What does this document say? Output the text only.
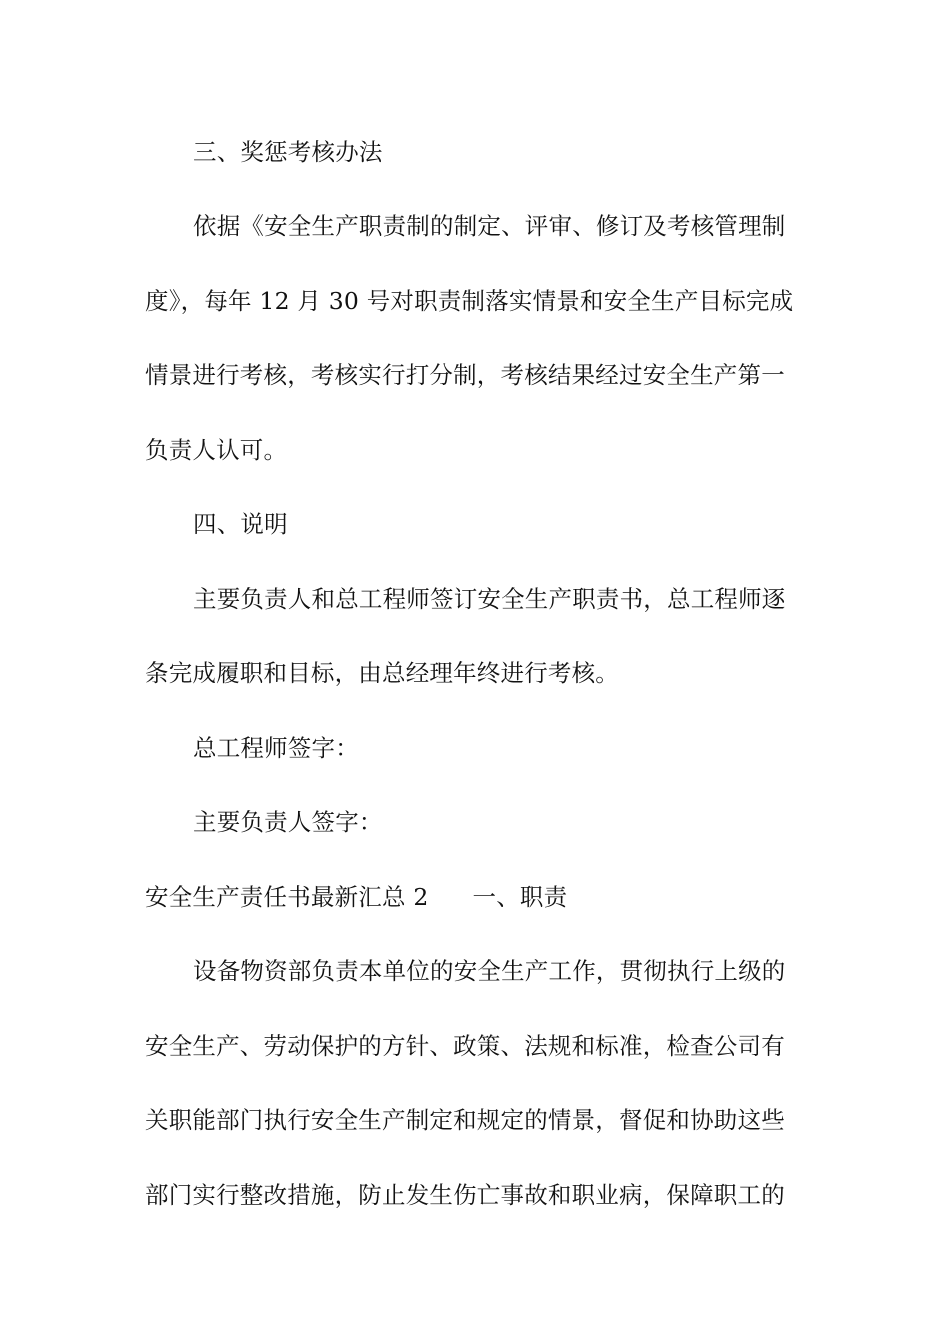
三、奖惩考核办法
依据《安全生产职责制的制定、评审、修订及考核管理制
度》，每年 12 月 30 号对职责制落实情景和安全生产目标完成
情景进行考核，考核实行打分制，考核结果经过安全生产第一
负责人认可。
四、说明
主要负责人和总工程师签订安全生产职责书，总工程师逐
条完成履职和目标，由总经理年终进行考核。
总工程师签字：
主要负责人签字：
安全生产责任书最新汇总 2 一、职责
设备物资部负责本单位的安全生产工作，贯彻执行上级的
安全生产、劳动保护的方针、政策、法规和标准，检查公司有
关职能部门执行安全生产制定和规定的情景，督促和协助这些
部门实行整改措施，防止发生伤亡事故和职业病，保障职工的
